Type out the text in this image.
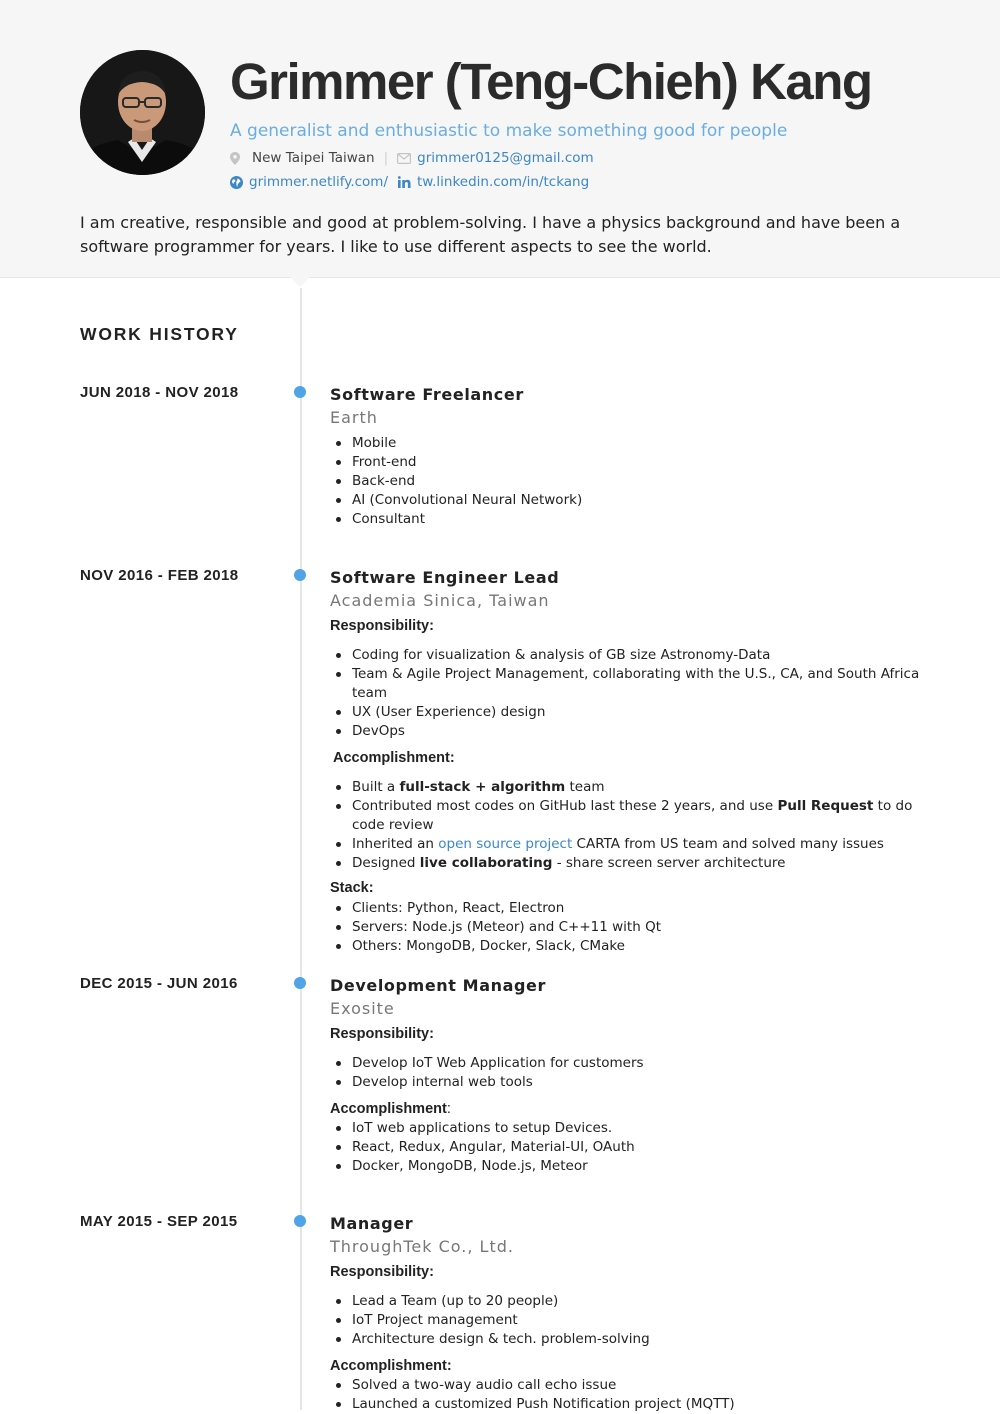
Grimmer (Teng-Chieh) Kang
A generalist and enthusiastic to make something good for people
New Taipei Taiwan | grimmer0125@gmail.com
grimmer.netlify.com/ tw.linkedin.com/in/tckang

I am creative, responsible and good at problem-solving. I have a physics background and have been a software programmer for years. I like to use different aspects to see the world.

WORK HISTORY
JUN 2018 - NOV 2018	Software Freelancer
Earth
Mobile
Front-end
Back-end
AI (Convolutional Neural Network)
Consultant
NOV 2016 - FEB 2018	Software Engineer Lead
Academia Sinica, Taiwan
Responsibility:
Coding for visualization & analysis of GB size Astronomy-Data
Team & Agile Project Management, collaborating with the U.S., CA, and South Africa team
UX (User Experience) design
DevOps
Accomplishment:
Built a full-stack + algorithm team
Contributed most codes on GitHub last these 2 years, and use Pull Request to do code review
Inherited an open source project CARTA from US team and solved many issues
Designed live collaborating - share screen server architecture
Stack:
Clients: Python, React, Electron
Servers: Node.js (Meteor) and C++11 with Qt
Others: MongoDB, Docker, Slack, CMake
DEC 2015 - JUN 2016	Development Manager
Exosite
Responsibility:
Develop IoT Web Application for customers
Develop internal web tools
Accomplishment:
IoT web applications to setup Devices.
React, Redux, Angular, Material-UI, OAuth
Docker, MongoDB, Node.js, Meteor
MAY 2015 - SEP 2015	Manager
ThroughTek Co., Ltd.
Responsibility:
Lead a Team (up to 20 people)
IoT Project management
Architecture design & tech. problem-solving
Accomplishment:
Solved a two-way audio call echo issue
Launched a customized Push Notification project (MQTT)
